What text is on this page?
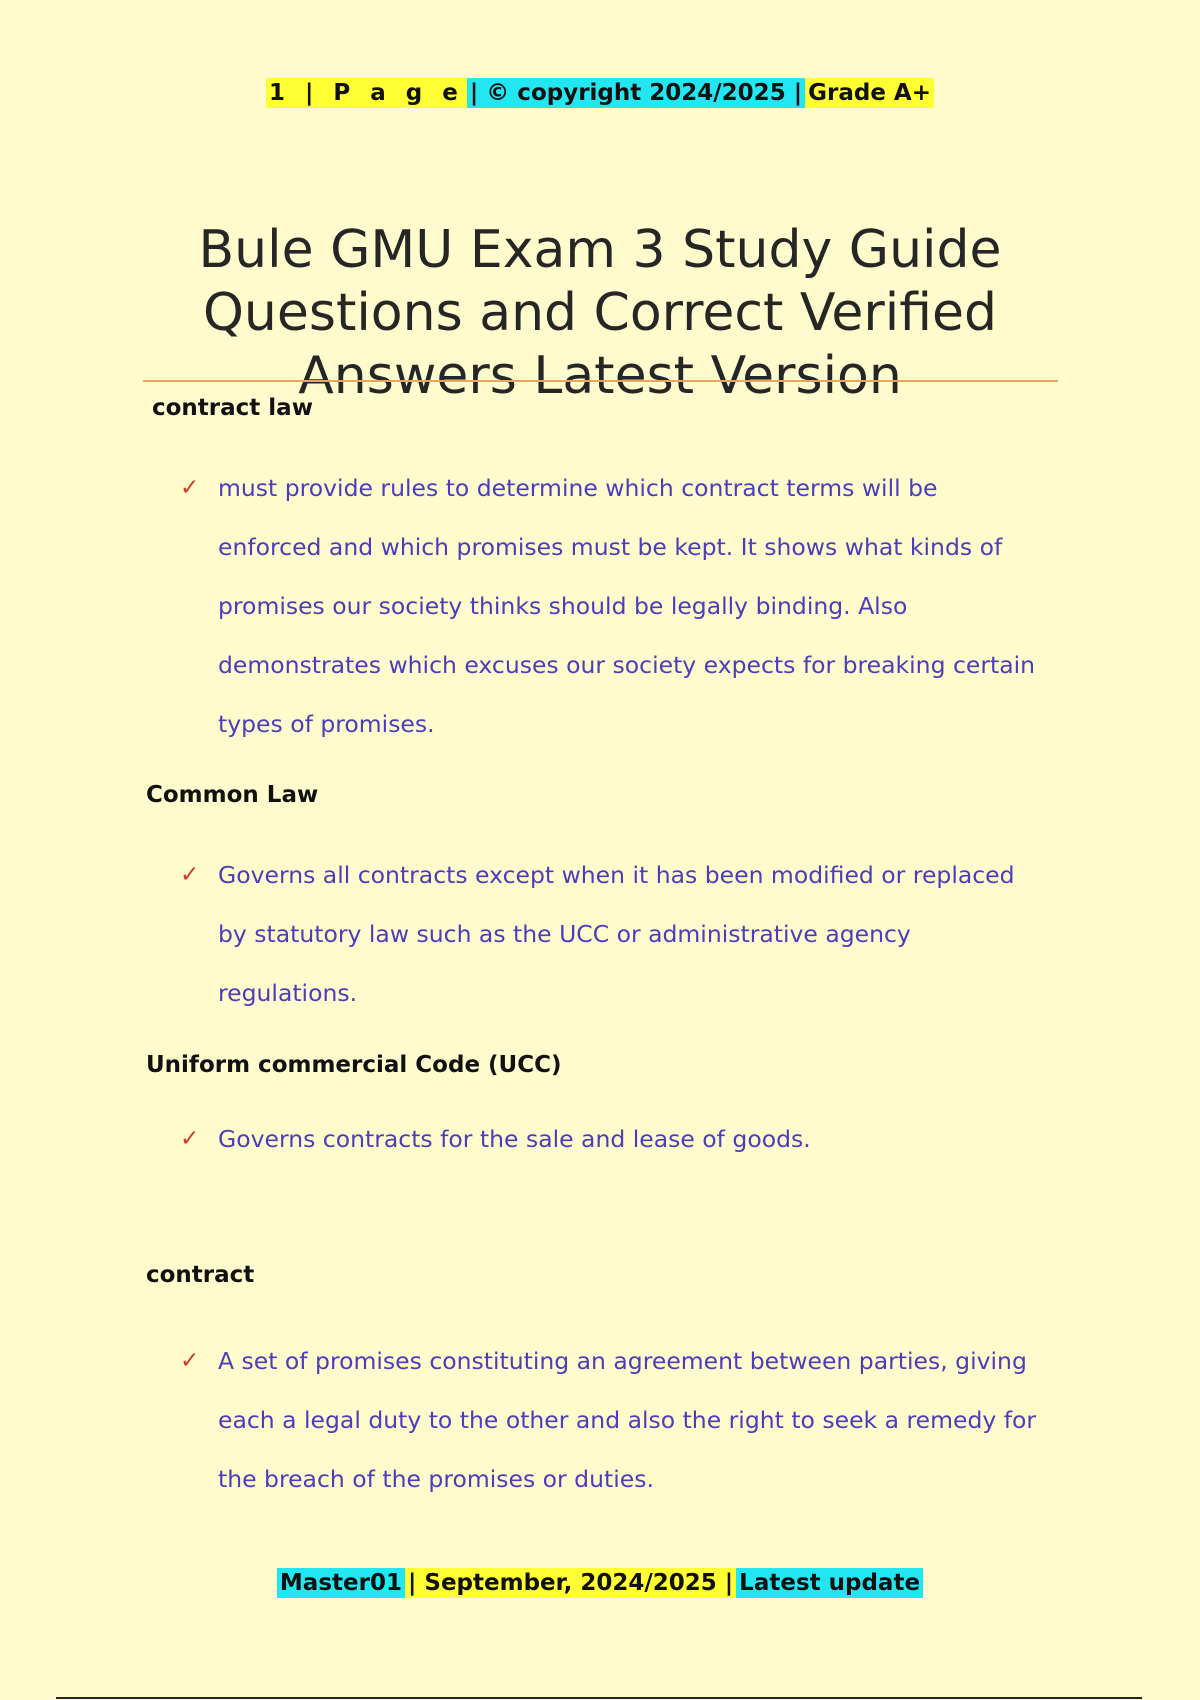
1 | P a g e | © copyright 2024/2025 | Grade A+
Bule GMU Exam 3 Study Guide Questions and Correct Verified Answers Latest Version

contract law

✓ must provide rules to determine which contract terms will be enforced and which promises must be kept. It shows what kinds of promises our society thinks should be legally binding. Also demonstrates which excuses our society expects for breaking certain types of promises.

Common Law

✓ Governs all contracts except when it has been modified or replaced by statutory law such as the UCC or administrative agency regulations.

Uniform commercial Code (UCC)

✓ Governs contracts for the sale and lease of goods.

contract

✓ A set of promises constituting an agreement between parties, giving each a legal duty to the other and also the right to seek a remedy for the breach of the promises or duties.
Master01 | September, 2024/2025 | Latest update
